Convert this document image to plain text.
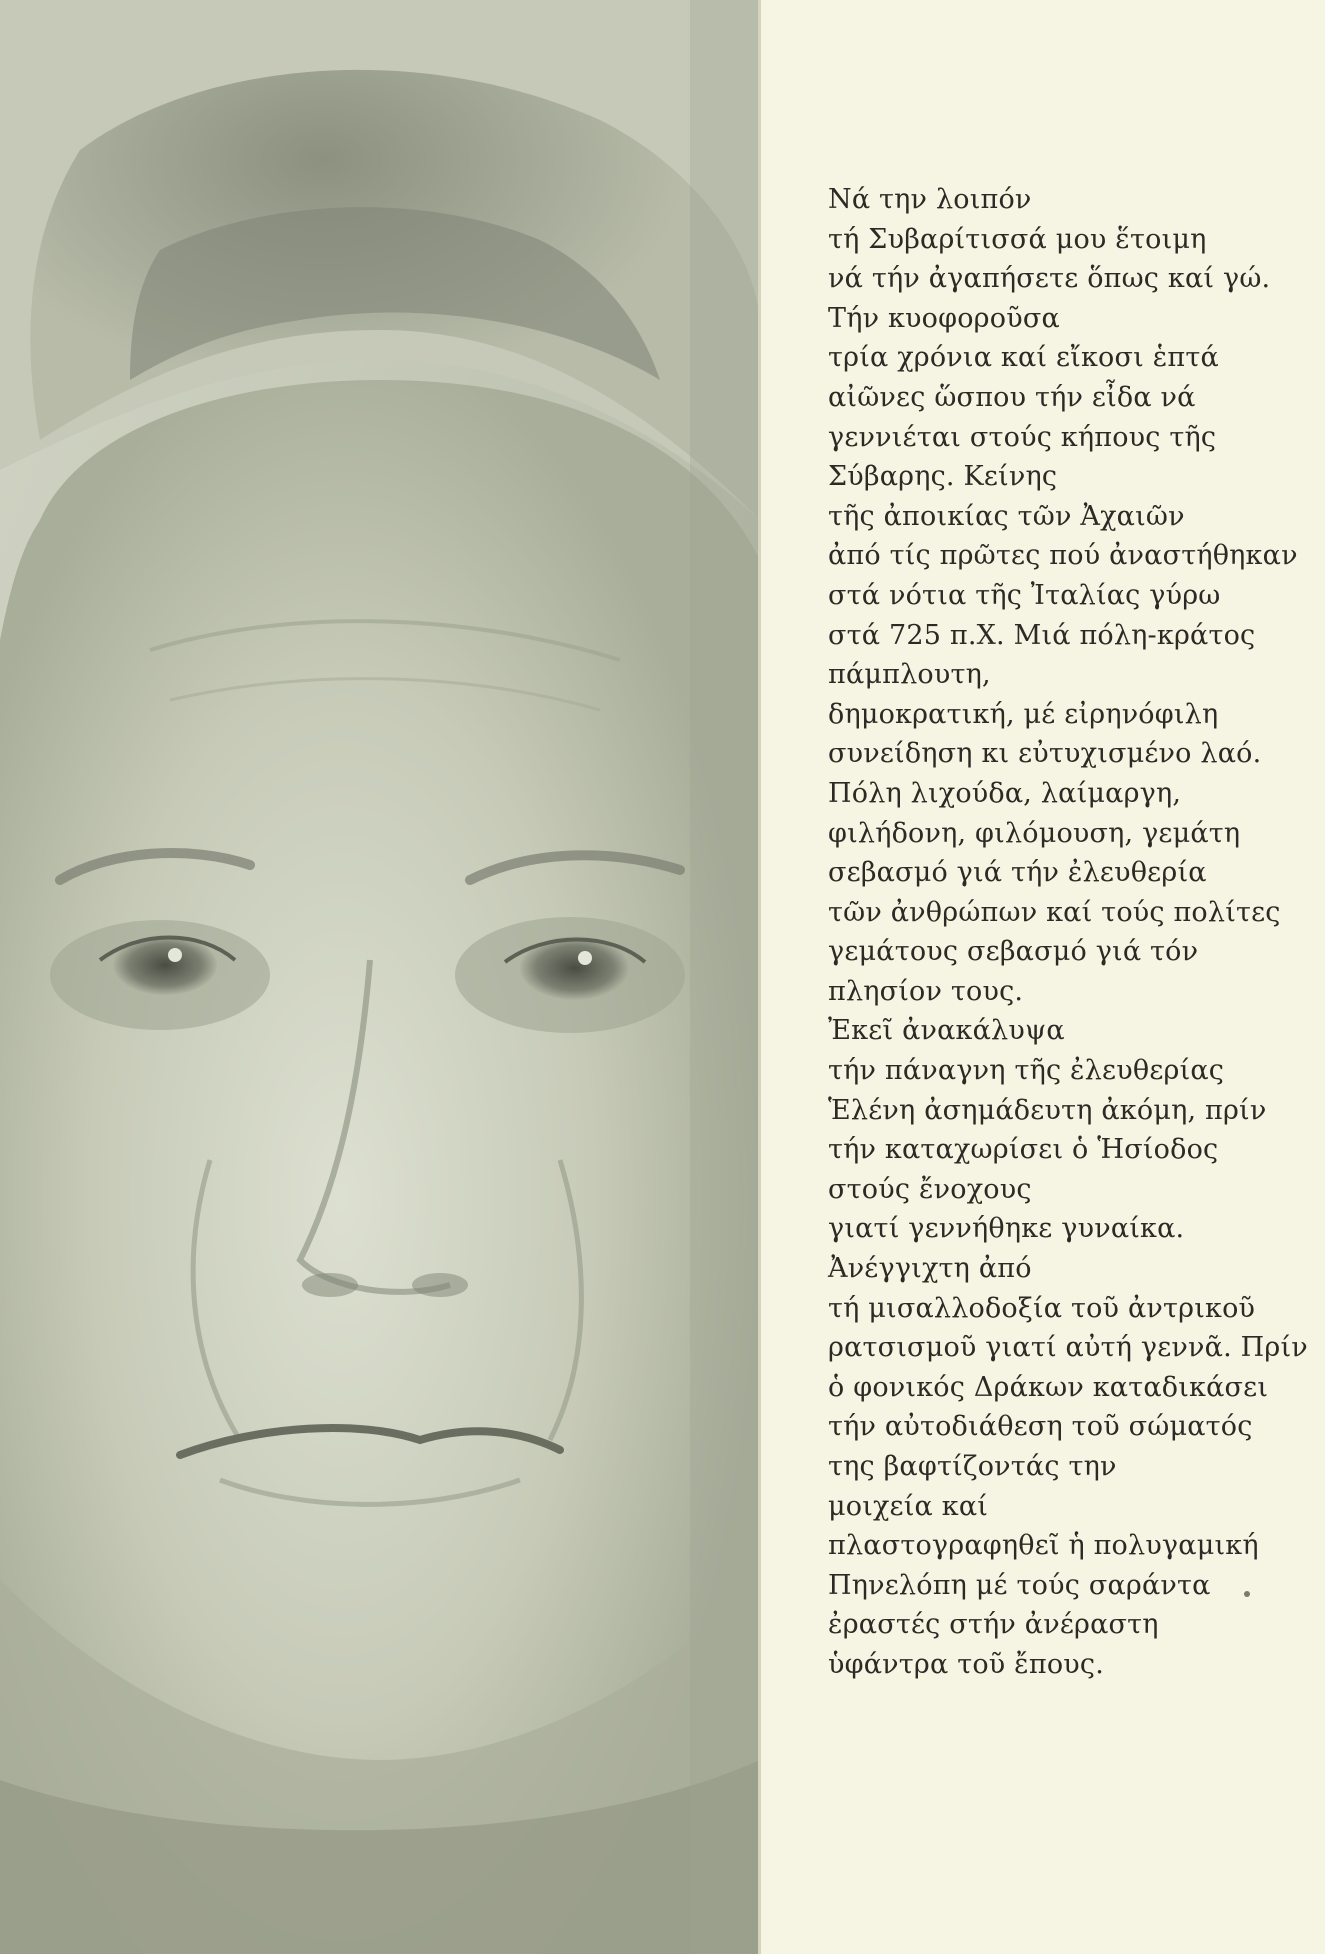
Νά την λοιπόν
τή Συβαρίτισσά μου ἕτοιμη
νά τήν ἀγαπήσετε ὅπως καί γώ.
Τήν κυοφοροῦσα
τρία χρόνια καί εἴκοσι ἑπτά
αἰῶνες ὥσπου τήν εἶδα νά
γεννιέται στούς κήπους τῆς
Σύβαρης. Κείνης
τῆς ἀποικίας τῶν Ἀχαιῶν
ἀπό τίς πρῶτες πού ἀναστήθηκαν
στά νότια τῆς Ἰταλίας γύρω
στά 725 π.Χ. Μιά πόλη-κράτος
πάμπλουτη,
δημοκρατική, μέ εἰρηνόφιλη
συνείδηση κι εὐτυχισμένο λαό.
Πόλη λιχούδα, λαίμαργη,
φιλήδονη, φιλόμουση, γεμάτη
σεβασμό γιά τήν ἐλευθερία
τῶν ἀνθρώπων καί τούς πολίτες
γεμάτους σεβασμό γιά τόν
πλησίον τους.
Ἐκεῖ ἀνακάλυψα
τήν πάναγνη τῆς ἐλευθερίας
Ἑλένη ἀσημάδευτη ἀκόμη, πρίν
τήν καταχωρίσει ὁ Ἡσίοδος
στούς ἔνοχους
γιατί γεννήθηκε γυναίκα.
Ἀνέγγιχτη ἀπό
τή μισαλλοδοξία τοῦ ἀντρικοῦ
ρατσισμοῦ γιατί αὐτή γεννᾶ. Πρίν
ὁ φονικός Δράκων καταδικάσει
τήν αὐτοδιάθεση τοῦ σώματός
της βαφτίζοντάς την
μοιχεία καί
πλαστογραφηθεῖ ἡ πολυγαμική
Πηνελόπη μέ τούς σαράντα
ἐραστές στήν ἀνέραστη
ὑφάντρα τοῦ ἔπους.
